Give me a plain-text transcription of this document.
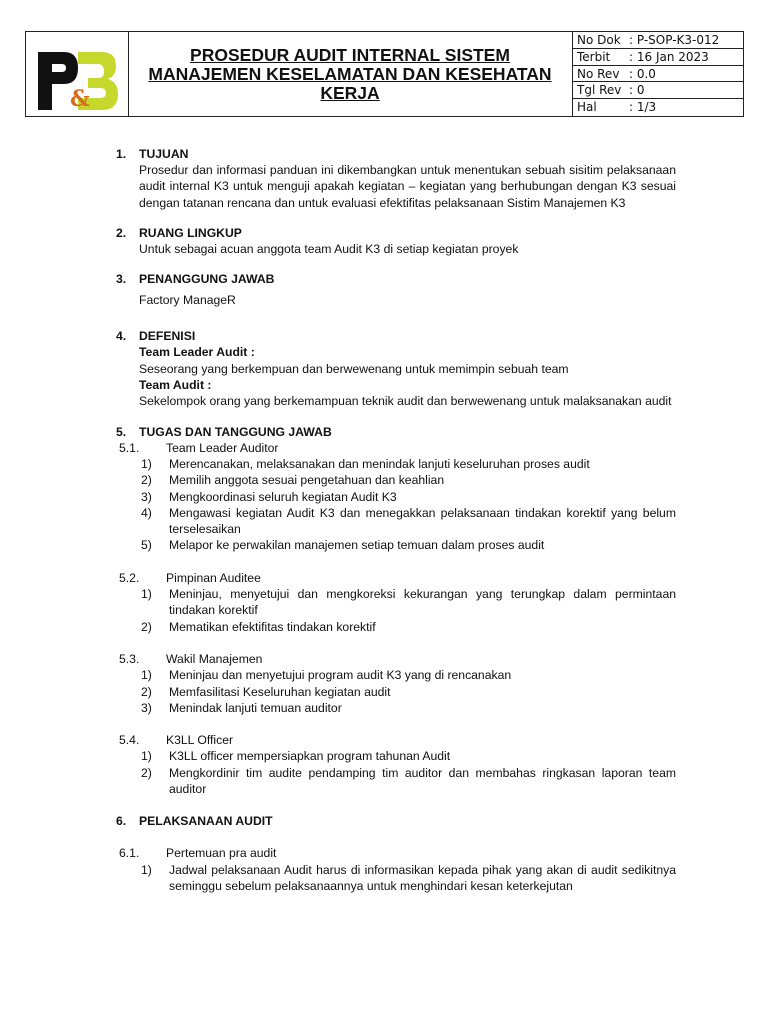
&
PROSEDUR AUDIT INTERNAL SISTEM
MANAJEMEN KESELAMATAN DAN KESEHATAN
KERJA
No Dok : P-SOP-K3-012
Terbit	: 16 Jan 2023
No Rev : 0.0
Tgl Rev : 0
Hal	: 1/3
1.	TUJUAN
Prosedur dan informasi panduan ini dikembangkan untuk menentukan sebuah sisitim pelaksanaan audit internal K3 untuk menguji apakah kegiatan – kegiatan yang berhubungan dengan K3 sesuai dengan tatanan rencana dan untuk evaluasi efektifitas pelaksanaan Sistim Manajemen K3
2.	RUANG LINGKUP
Untuk sebagai acuan anggota team Audit K3 di setiap kegiatan proyek
3.	PENANGGUNG JAWAB
Factory ManageR
4.	DEFENISI
Team Leader Audit :
Seseorang yang berkempuan dan berwewenang untuk memimpin sebuah team
Team Audit :
Sekelompok orang yang berkemampuan teknik audit dan berwewenang untuk malaksanakan audit
5.	TUGAS DAN TANGGUNG JAWAB
5.1.	Team Leader Auditor
1)	Merencanakan, melaksanakan dan menindak lanjuti keseluruhan proses audit
2)	Memilih anggota sesuai pengetahuan dan keahlian
3)	Mengkoordinasi seluruh kegiatan Audit K3
4)	Mengawasi kegiatan Audit K3 dan menegakkan pelaksanaan tindakan korektif yang belum terselesaikan
5)	Melapor ke perwakilan manajemen setiap temuan dalam proses audit
5.2.	Pimpinan Auditee
1)	Meninjau, menyetujui dan mengkoreksi kekurangan yang terungkap dalam permintaan tindakan korektif
2)	Mematikan efektifitas tindakan korektif
5.3.	Wakil Manajemen
1)	Meninjau dan menyetujui program audit K3 yang di rencanakan
2)	Memfasilitasi Keseluruhan kegiatan audit
3)	Menindak lanjuti temuan auditor
5.4.	K3LL Officer
1)	K3LL officer mempersiapkan program tahunan Audit
2)	Mengkordinir tim audite pendamping tim auditor dan membahas ringkasan laporan team auditor
6.	PELAKSANAAN AUDIT
6.1.	Pertemuan pra audit
1)	Jadwal pelaksanaan Audit harus di informasikan kepada pihak yang akan di audit sedikitnya seminggu sebelum pelaksanaannya untuk menghindari kesan keterkejutan
